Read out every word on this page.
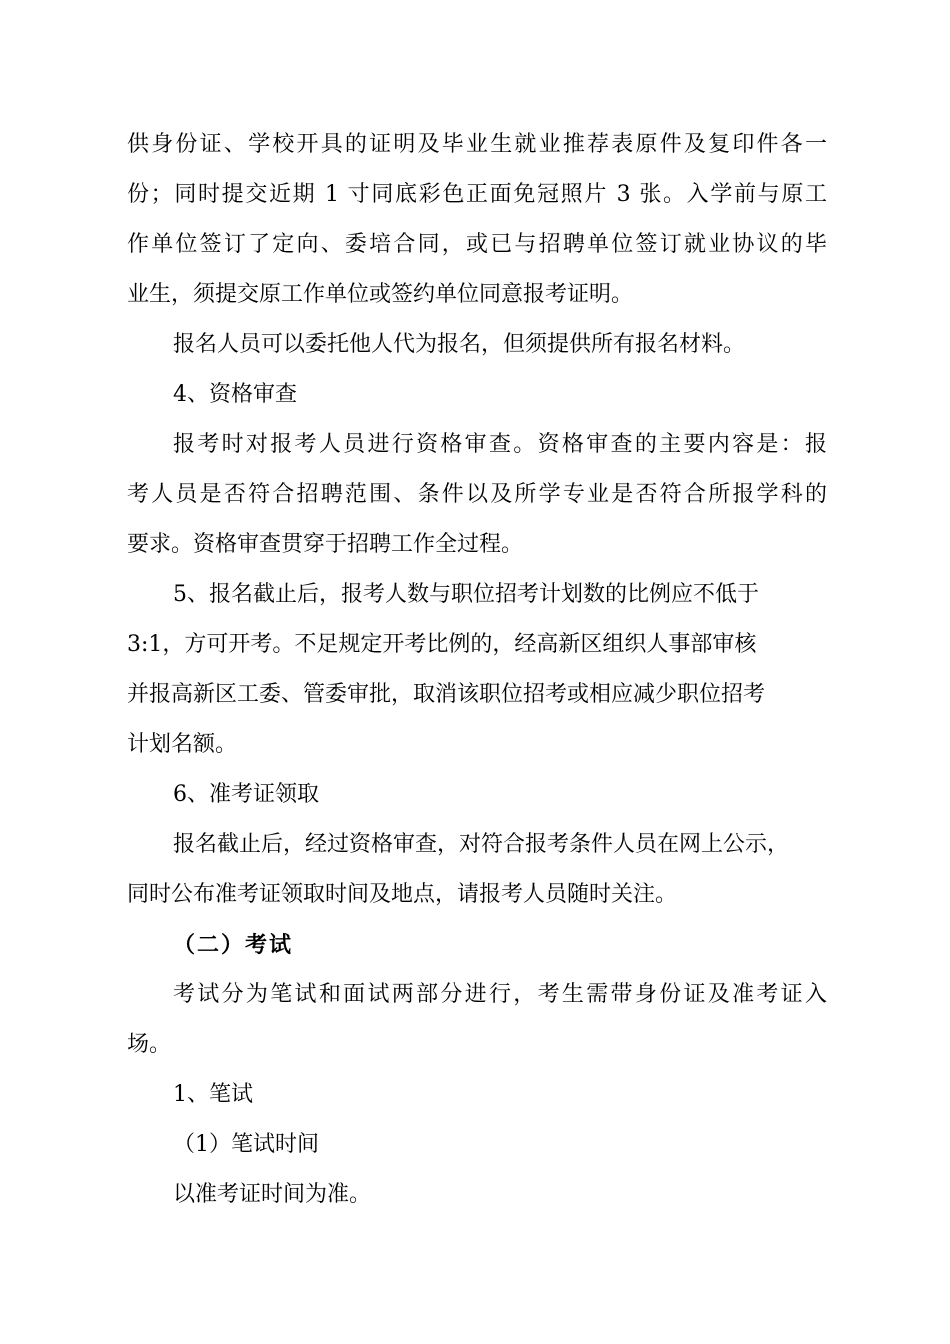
供身份证、学校开具的证明及毕业生就业推荐表原件及复印件各一
份；同时提交近期 1 寸同底彩色正面免冠照片 3 张。入学前与原工
作单位签订了定向、委培合同，或已与招聘单位签订就业协议的毕
业生，须提交原工作单位或签约单位同意报考证明。
报名人员可以委托他人代为报名，但须提供所有报名材料。
4、资格审查
报考时对报考人员进行资格审查。资格审查的主要内容是：报
考人员是否符合招聘范围、条件以及所学专业是否符合所报学科的
要求。资格审查贯穿于招聘工作全过程。
5、报名截止后，报考人数与职位招考计划数的比例应不低于
3:1，方可开考。不足规定开考比例的，经高新区组织人事部审核
并报高新区工委、管委审批，取消该职位招考或相应减少职位招考
计划名额。
6、准考证领取
报名截止后，经过资格审查，对符合报考条件人员在网上公示，
同时公布准考证领取时间及地点，请报考人员随时关注。
（二）考试
考试分为笔试和面试两部分进行，考生需带身份证及准考证入
场。
1、笔试
（1）笔试时间
以准考证时间为准。
